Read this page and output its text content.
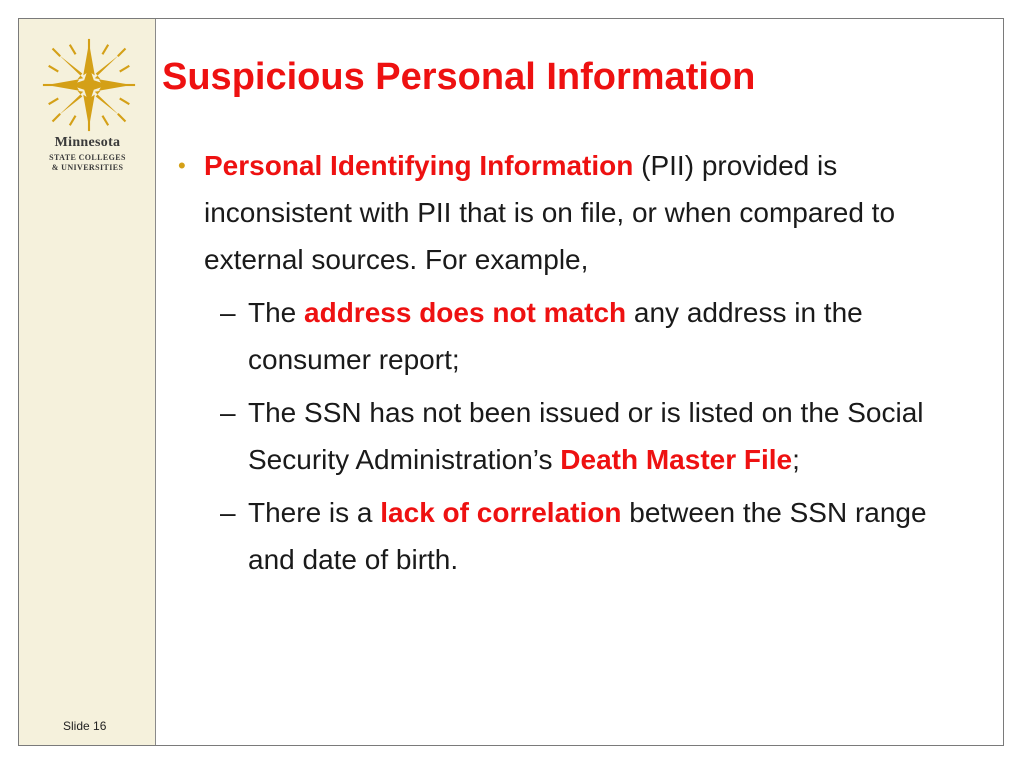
Minnesota
STATE COLLEGES
& UNIVERSITIES
Slide 16
Suspicious Personal Information
• Personal Identifying Information (PII) provided is inconsistent with PII that is on file, or when compared to external sources. For example,
– The address does not match any address in the consumer report;
– The SSN has not been issued or is listed on the Social Security Administration’s Death Master File;
– There is a lack of correlation between the SSN range and date of birth.
